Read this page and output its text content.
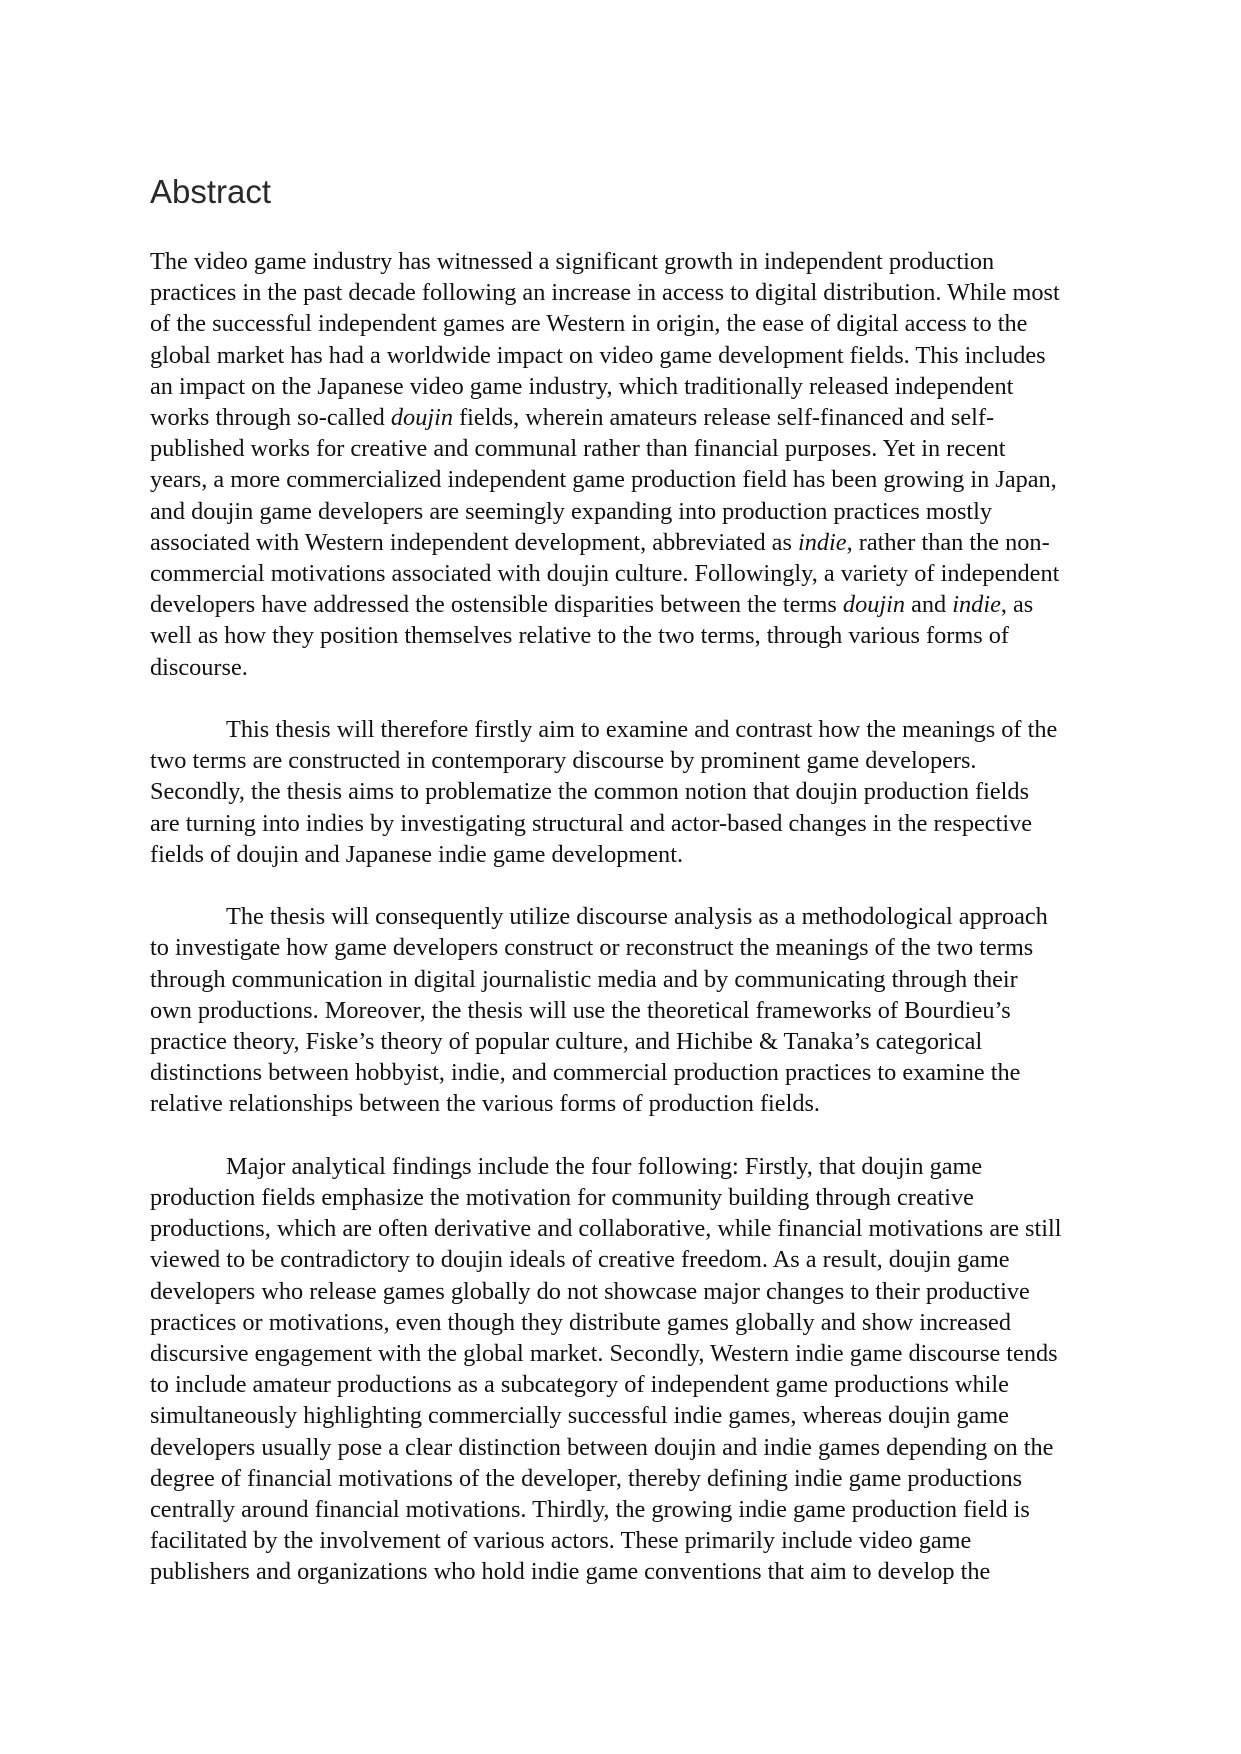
Abstract

The video game industry has witnessed a significant growth in independent production
practices in the past decade following an increase in access to digital distribution. While most
of the successful independent games are Western in origin, the ease of digital access to the
global market has had a worldwide impact on video game development fields. This includes
an impact on the Japanese video game industry, which traditionally released independent
works through so-called doujin fields, wherein amateurs release self-financed and self-
published works for creative and communal rather than financial purposes. Yet in recent
years, a more commercialized independent game production field has been growing in Japan,
and doujin game developers are seemingly expanding into production practices mostly
associated with Western independent development, abbreviated as indie, rather than the non-
commercial motivations associated with doujin culture. Followingly, a variety of independent
developers have addressed the ostensible disparities between the terms doujin and indie, as
well as how they position themselves relative to the two terms, through various forms of
discourse.

This thesis will therefore firstly aim to examine and contrast how the meanings of the
two terms are constructed in contemporary discourse by prominent game developers.
Secondly, the thesis aims to problematize the common notion that doujin production fields
are turning into indies by investigating structural and actor-based changes in the respective
fields of doujin and Japanese indie game development.

The thesis will consequently utilize discourse analysis as a methodological approach
to investigate how game developers construct or reconstruct the meanings of the two terms
through communication in digital journalistic media and by communicating through their
own productions. Moreover, the thesis will use the theoretical frameworks of Bourdieu’s
practice theory, Fiske’s theory of popular culture, and Hichibe & Tanaka’s categorical
distinctions between hobbyist, indie, and commercial production practices to examine the
relative relationships between the various forms of production fields.

Major analytical findings include the four following: Firstly, that doujin game
production fields emphasize the motivation for community building through creative
productions, which are often derivative and collaborative, while financial motivations are still
viewed to be contradictory to doujin ideals of creative freedom. As a result, doujin game
developers who release games globally do not showcase major changes to their productive
practices or motivations, even though they distribute games globally and show increased
discursive engagement with the global market. Secondly, Western indie game discourse tends
to include amateur productions as a subcategory of independent game productions while
simultaneously highlighting commercially successful indie games, whereas doujin game
developers usually pose a clear distinction between doujin and indie games depending on the
degree of financial motivations of the developer, thereby defining indie game productions
centrally around financial motivations. Thirdly, the growing indie game production field is
facilitated by the involvement of various actors. These primarily include video game
publishers and organizations who hold indie game conventions that aim to develop the
